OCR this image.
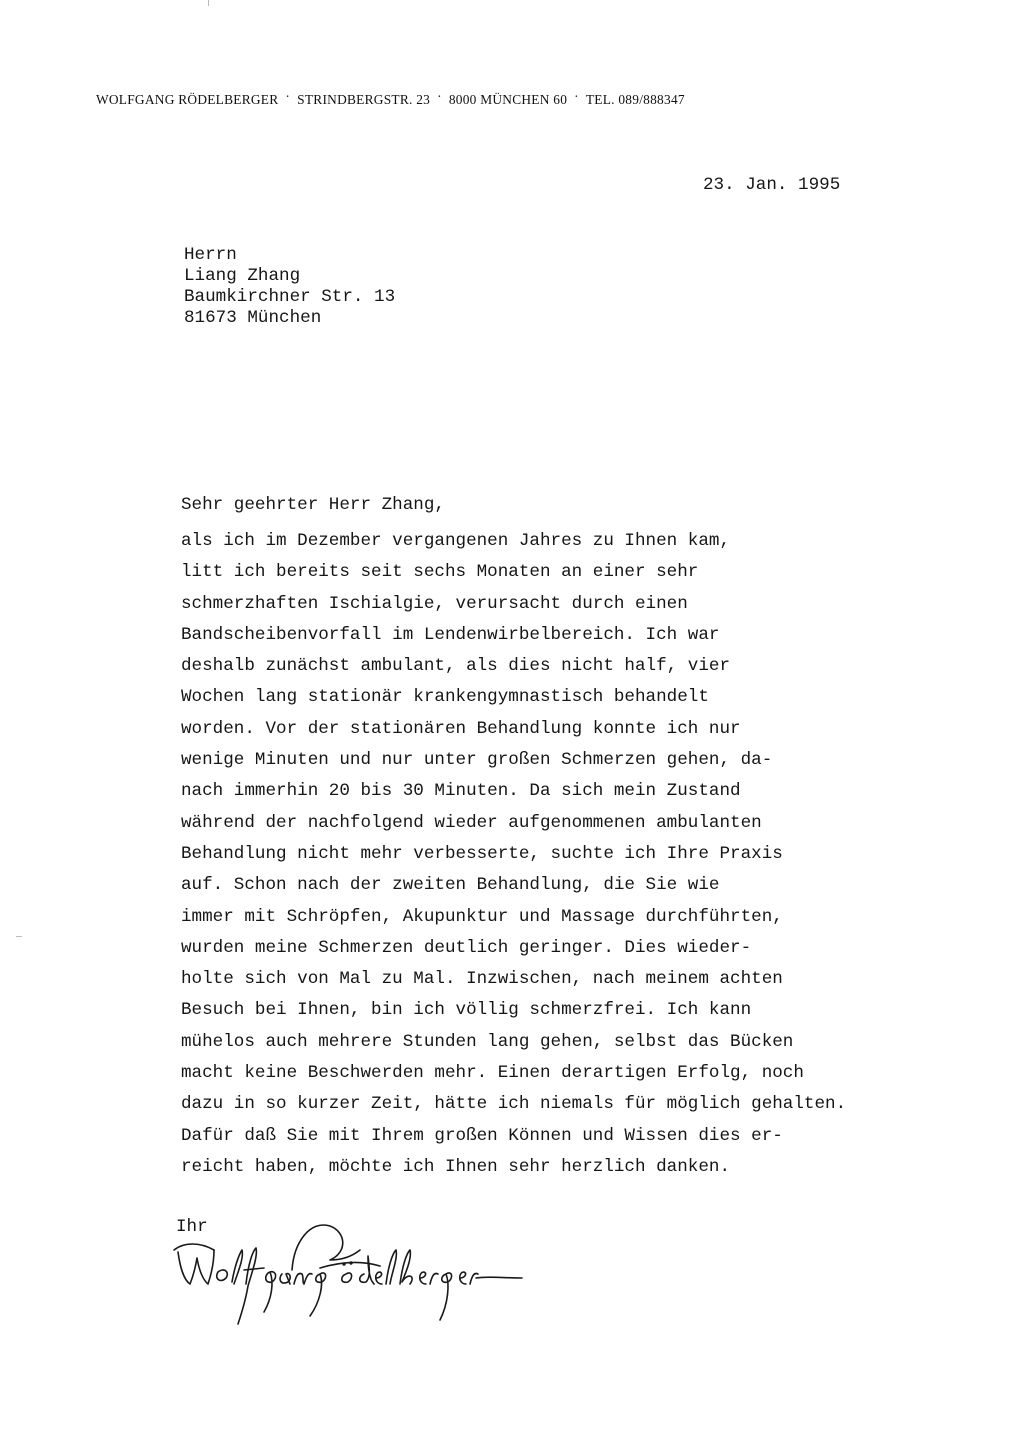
WOLFGANG RÖDELBERGER · STRINDBERGSTR. 23 · 8000 MÜNCHEN 60 · TEL. 089/888347
23. Jan. 1995
Herrn
Liang Zhang
Baumkirchner Str. 13
81673 München
Sehr geehrter Herr Zhang,
als ich im Dezember vergangenen Jahres zu Ihnen kam,
litt ich bereits seit sechs Monaten an einer sehr
schmerzhaften Ischialgie, verursacht durch einen
Bandscheibenvorfall im Lendenwirbelbereich. Ich war
deshalb zunächst ambulant, als dies nicht half, vier
Wochen lang stationär krankengymnastisch behandelt
worden. Vor der stationären Behandlung konnte ich nur
wenige Minuten und nur unter großen Schmerzen gehen, da-
nach immerhin 20 bis 30 Minuten. Da sich mein Zustand
während der nachfolgend wieder aufgenommenen ambulanten
Behandlung nicht mehr verbesserte, suchte ich Ihre Praxis
auf. Schon nach der zweiten Behandlung, die Sie wie
immer mit Schröpfen, Akupunktur und Massage durchführten,
wurden meine Schmerzen deutlich geringer. Dies wieder-
holte sich von Mal zu Mal. Inzwischen, nach meinem achten
Besuch bei Ihnen, bin ich völlig schmerzfrei. Ich kann
mühelos auch mehrere Stunden lang gehen, selbst das Bücken
macht keine Beschwerden mehr. Einen derartigen Erfolg, noch
dazu in so kurzer Zeit, hätte ich niemals für möglich gehalten.
Dafür daß Sie mit Ihrem großen Können und Wissen dies er-
reicht haben, möchte ich Ihnen sehr herzlich danken.
Ihr
